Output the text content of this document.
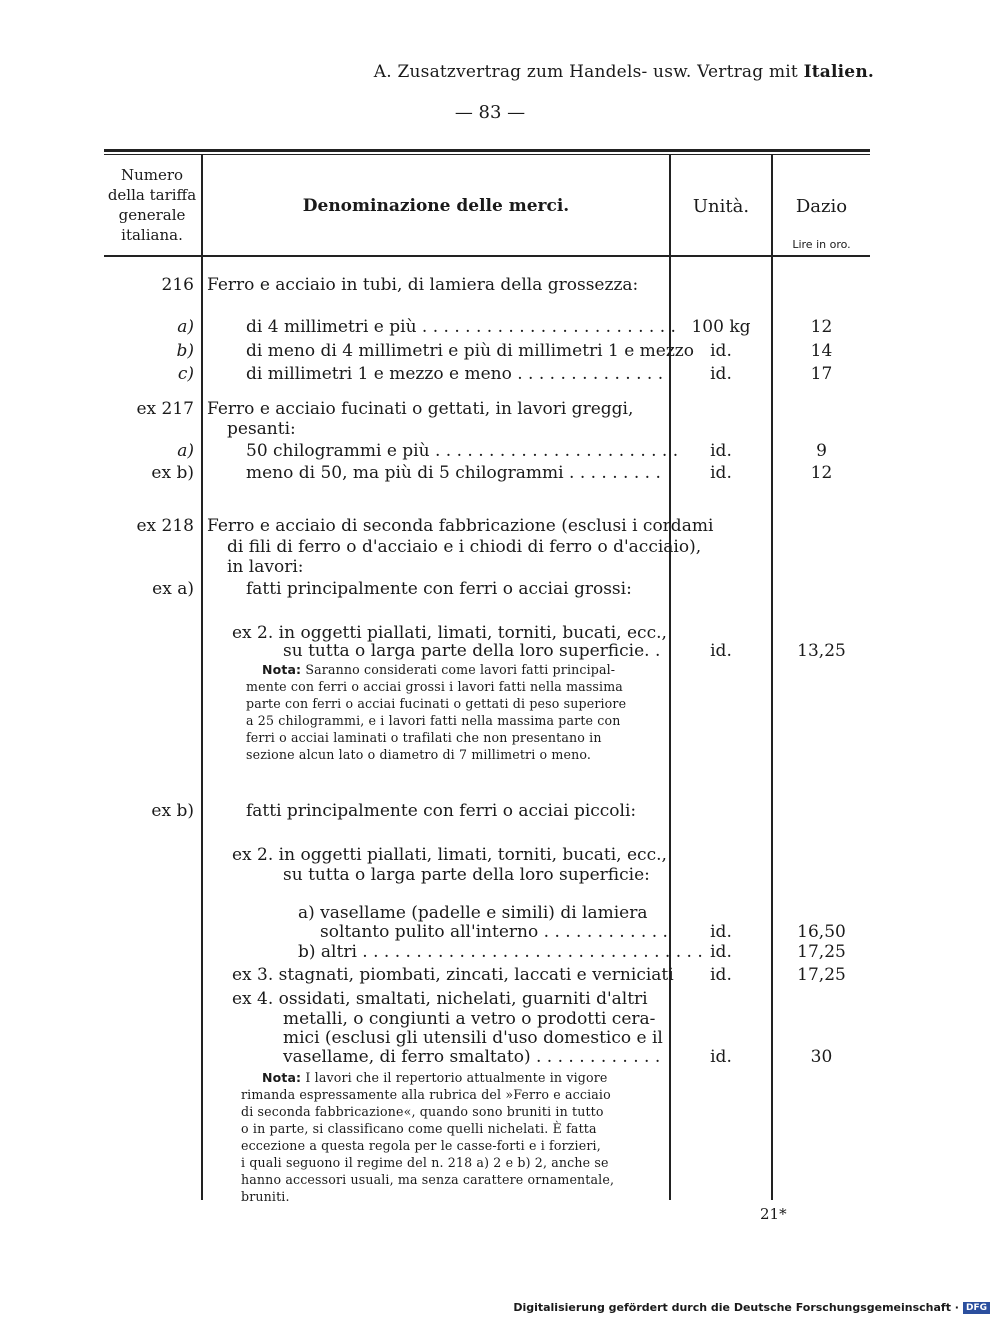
A. Zusatzvertrag zum Handels- usw. Vertrag mit Italien.
— 83 —
Numero
della tariffa
generale
italiana.
Denominazione delle merci.	Unità.	Dazio
Lire in oro.
216 Ferro e acciaio in tubi, di lamiera della grossezza:
a)	di 4 millimetri e più . . . . . . . . . . . . . . . . . . . . . . . . 100 kg	12
b)	di meno di 4 millimetri e più di millimetri 1 e mezzo id.	14
c)	di millimetri 1 e mezzo e meno . . . . . . . . . . . . . .	id.	17
ex 217 Ferro e acciaio fucinati o gettati, in lavori greggi,
pesanti:
a)	50 chilogrammi e più . . . . . . . . . . . . . . . . . . . . . . .	id.	9
ex b)	meno di 50, ma più di 5 chilogrammi . . . . . . . . .	id.	12
ex 218 Ferro e acciaio di seconda fabbricazione (esclusi i cordami
di fili di ferro o d'acciaio e i chiodi di ferro o d'acciaio),
in lavori:
ex a)	fatti principalmente con ferri o acciai grossi:
ex 2. in oggetti piallati, limati, torniti, bucati, ecc.,
su tutta o larga parte della loro superficie. .	id.	13,25
Nota: Saranno considerati come lavori fatti principal-
mente con ferri o acciai grossi i lavori fatti nella massima
parte con ferri o acciai fucinati o gettati di peso superiore
a 25 chilogrammi, e i lavori fatti nella massima parte con
ferri o acciai laminati o trafilati che non presentano in
sezione alcun lato o diametro di 7 millimetri o meno.
ex b)	fatti principalmente con ferri o acciai piccoli:
ex 2. in oggetti piallati, limati, torniti, bucati, ecc.,
su tutta o larga parte della loro superficie:
a) vasellame (padelle e simili) di lamiera
soltanto pulito all'interno . . . . . . . . . . . .	id.	16,50
b) altri . . . . . . . . . . . . . . . . . . . . . . . . . . . . . . . . id.	17,25
ex 3. stagnati, piombati, zincati, laccati e verniciati	id.	17,25
ex 4. ossidati, smaltati, nichelati, guarniti d'altri
metalli, o congiunti a vetro o prodotti cera-
mici (esclusi gli utensili d'uso domestico e il
vasellame, di ferro smaltato) . . . . . . . . . . . .	id.	30
Nota: I lavori che il repertorio attualmente in vigore
rimanda espressamente alla rubrica del »Ferro e acciaio
di seconda fabbricazione«, quando sono bruniti in tutto
o in parte, si classificano come quelli nichelati. È fatta
eccezione a questa regola per le casse-forti e i forzieri,
i quali seguono il regime del n. 218 a) 2 e b) 2, anche se
hanno accessori usuali, ma senza carattere ornamentale,
bruniti.
21*
Digitalisierung gefördert durch die Deutsche Forschungsgemeinschaft · DFG
